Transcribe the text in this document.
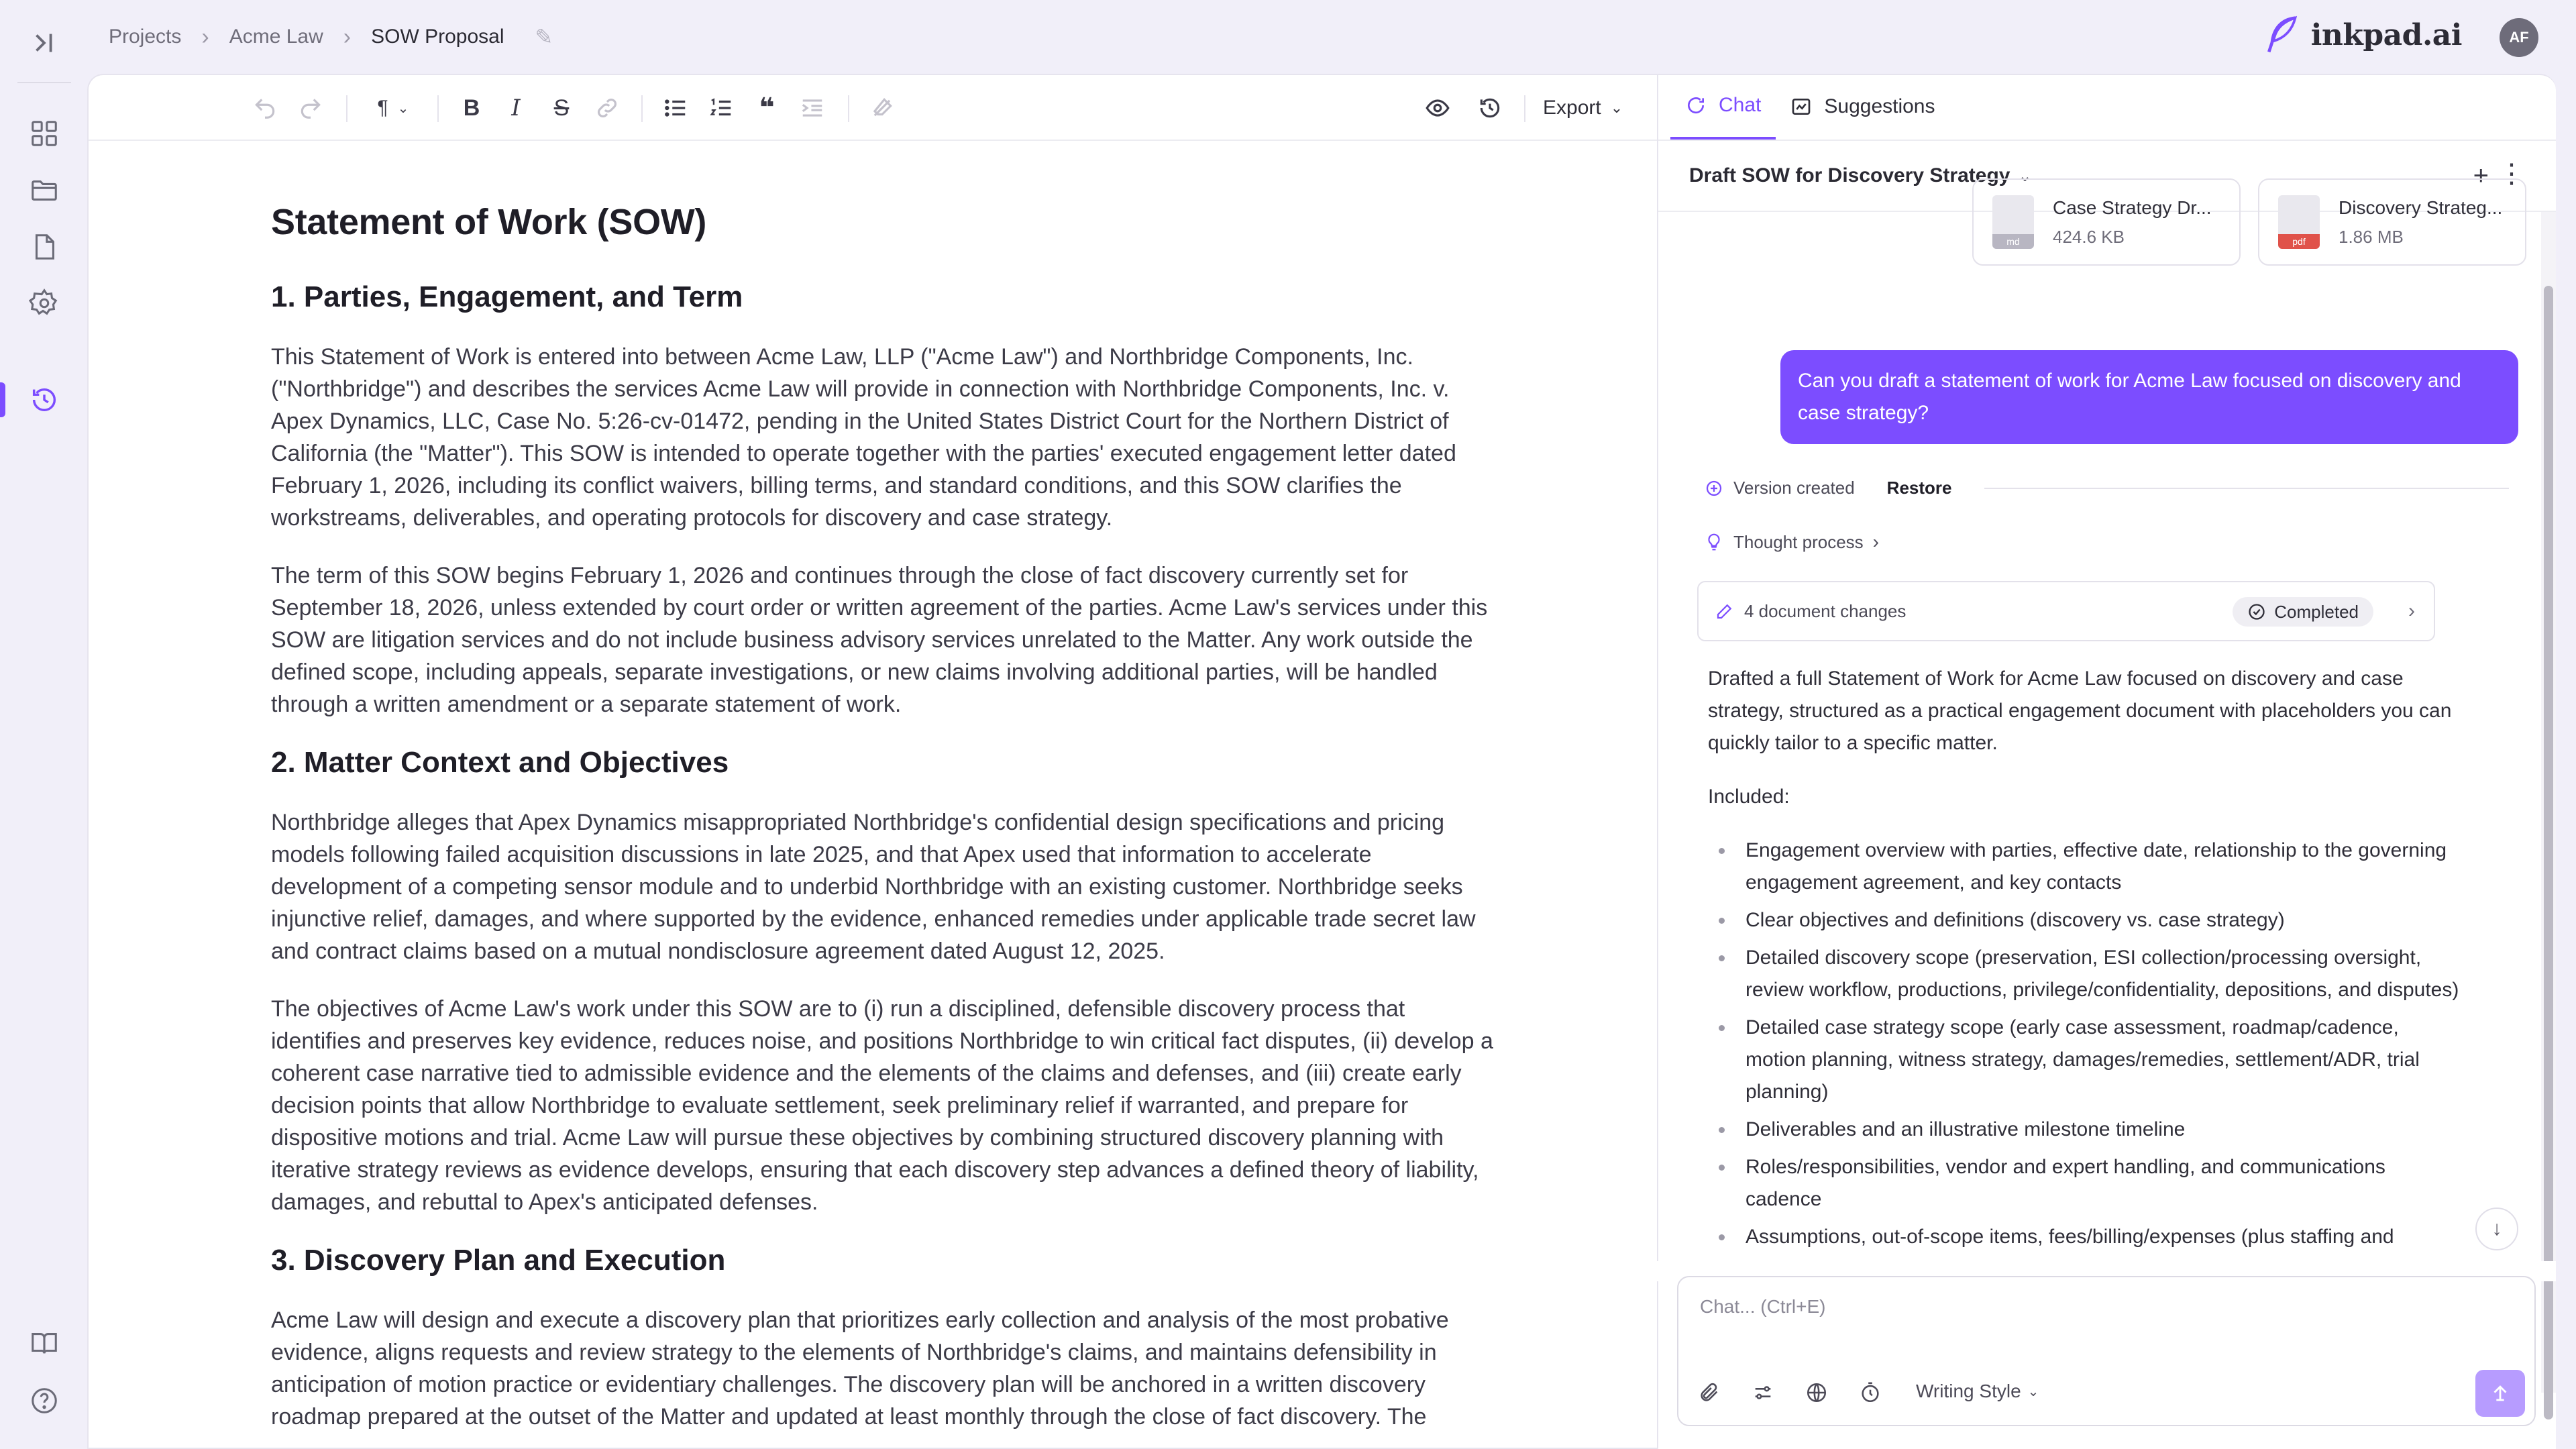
Projects › Acme Law › SOW Proposal ✎	inkpad.ai	AF
¶ ⌄ B I S	❝	Export ⌄
Statement of Work (SOW)
1. Parties, Engagement, and Term

This Statement of Work is entered into between Acme Law, LLP ("Acme Law") and Northbridge Components, Inc. ("Northbridge") and describes the services Acme Law will provide in connection with Northbridge Components, Inc. v. Apex Dynamics, LLC, Case No. 5:26-cv-01472, pending in the United States District Court for the Northern District of California (the "Matter"). This SOW is intended to operate together with the parties' executed engagement letter dated February 1, 2026, including its conflict waivers, billing terms, and standard conditions, and this SOW clarifies the workstreams, deliverables, and operating protocols for discovery and case strategy.

The term of this SOW begins February 1, 2026 and continues through the close of fact discovery currently set for September 18, 2026, unless extended by court order or written agreement of the parties. Acme Law's services under this SOW are litigation services and do not include business advisory services unrelated to the Matter. Any work outside the defined scope, including appeals, separate investigations, or new claims involving additional parties, will be handled through a written amendment or a separate statement of work.

2. Matter Context and Objectives

Northbridge alleges that Apex Dynamics misappropriated Northbridge's confidential design specifications and pricing models following failed acquisition discussions in late 2025, and that Apex used that information to accelerate development of a competing sensor module and to underbid Northbridge with an existing customer. Northbridge seeks injunctive relief, damages, and where supported by the evidence, enhanced remedies under applicable trade secret law and contract claims based on a mutual nondisclosure agreement dated August 12, 2025.

The objectives of Acme Law's work under this SOW are to (i) run a disciplined, defensible discovery process that identifies and preserves key evidence, reduces noise, and positions Northbridge to win critical fact disputes, (ii) develop a coherent case narrative tied to admissible evidence and the elements of the claims and defenses, and (iii) create early decision points that allow Northbridge to evaluate settlement, seek preliminary relief if warranted, and prepare for dispositive motions and trial. Acme Law will pursue these objectives by combining structured discovery planning with iterative strategy reviews as evidence develops, ensuring that each discovery step advances a defined theory of liability, damages, and rebuttal to Apex's anticipated defenses.

3. Discovery Plan and Execution

Acme Law will design and execute a discovery plan that prioritizes early collection and analysis of the most probative evidence, aligns requests and review strategy to the elements of Northbridge's claims, and maintains defensibility in anticipation of motion practice or evidentiary challenges. The discovery plan will be anchored in a written discovery roadmap prepared at the outset of the Matter and updated at least monthly through the close of fact discovery. The

Chat	Suggestions
Draft SOW for Discovery Strategy ⌄	+ ⋮
md
Case Strategy Dr...
424.6 KB	pdf
Discovery Strateg...
1.86 MB
Can you draft a statement of work for Acme Law focused on discovery and case strategy?
Version created Restore
Thought process ›
4 document changes	Completed ›

Drafted a full Statement of Work for Acme Law focused on discovery and case strategy, structured as a practical engagement document with placeholders you can quickly tailor to a specific matter.

Included:

Engagement overview with parties, effective date, relationship to the governing engagement agreement, and key contacts
Clear objectives and definitions (discovery vs. case strategy)
Detailed discovery scope (preservation, ESI collection/processing oversight, review workflow, productions, privilege/confidentiality, depositions, and disputes)
Detailed case strategy scope (early case assessment, roadmap/cadence, motion planning, witness strategy, damages/remedies, settlement/ADR, trial planning)
Deliverables and an illustrative milestone timeline
Roles/responsibilities, vendor and expert handling, and communications cadence
Assumptions, out-of-scope items, fees/billing/expenses (plus staffing and	↓
Chat... (Ctrl+E)
Writing Style ⌄
